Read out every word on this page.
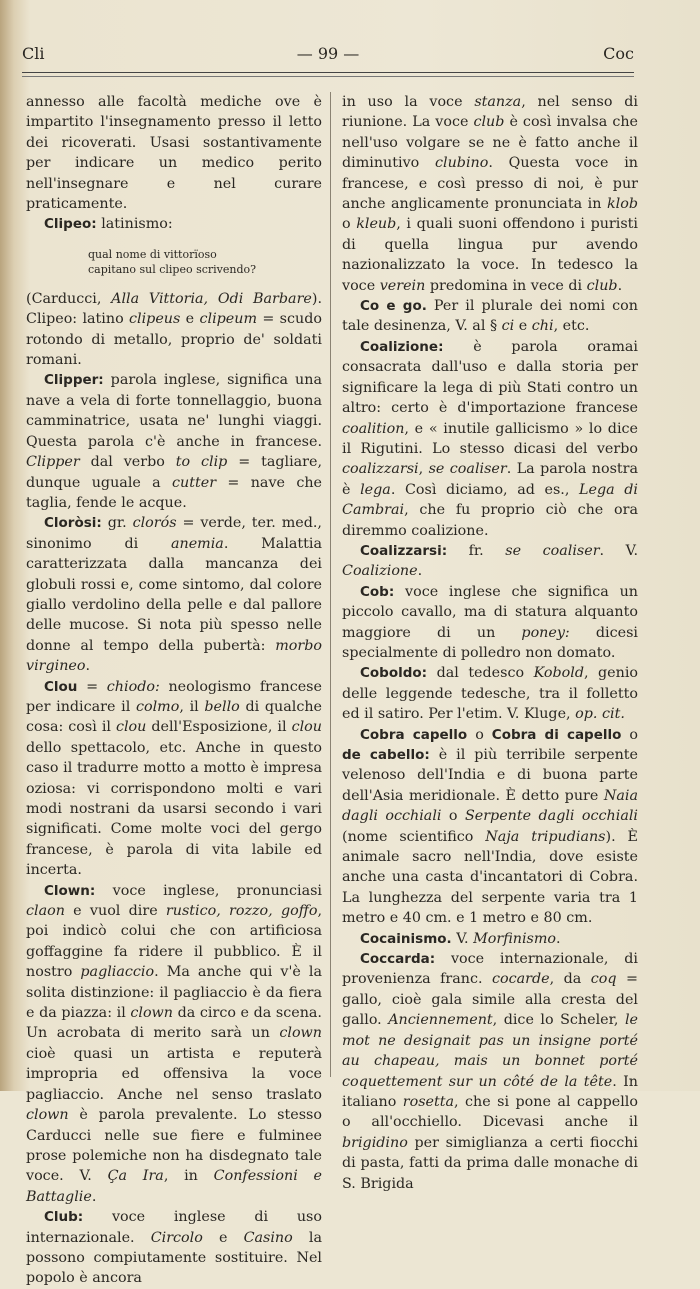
Cli	— 99 —	Coc

annesso alle facoltà mediche ove è impartito l'insegnamento presso il letto dei ricoverati. Usasi sostantivamente per indicare un medico perito nell'insegnare e nel curare praticamente.

Clipeo: latinismo:

qual nome di vittorïoso
capitano sul clipeo scrivendo?

(Carducci, Alla Vittoria, Odi Barbare). Clipeo: latino clipeus e clipeum = scudo rotondo di metallo, proprio de' soldati romani.

Clipper: parola inglese, significa una nave a vela di forte tonnellaggio, buona camminatrice, usata ne' lunghi viaggi. Questa parola c'è anche in francese. Clipper dal verbo to clip = tagliare, dunque uguale a cutter = nave che taglia, fende le acque.

Cloròsi: gr. clorós = verde, ter. med., sinonimo di anemia. Malattia caratterizzata dalla mancanza dei globuli rossi e, come sintomo, dal colore giallo verdolino della pelle e dal pallore delle mucose. Si nota più spesso nelle donne al tempo della pubertà: morbo virgineo.

Clou = chiodo: neologismo francese per indicare il colmo, il bello di qualche cosa: così il clou dell'Esposizione, il clou dello spettacolo, etc. Anche in questo caso il tradurre motto a motto è impresa oziosa: vi corrispondono molti e vari modi nostrani da usarsi secondo i vari significati. Come molte voci del gergo francese, è parola di vita labile ed incerta.

Clown: voce inglese, pronunciasi claon e vuol dire rustico, rozzo, goffo, poi indicò colui che con artificiosa goffaggine fa ridere il pubblico. È il nostro pagliaccio. Ma anche qui v'è la solita distinzione: il pagliaccio è da fiera e da piazza: il clown da circo e da scena. Un acrobata di merito sarà un clown cioè quasi un artista e reputerà impropria ed offensiva la voce pagliaccio. Anche nel senso traslato clown è parola prevalente. Lo stesso Carducci nelle sue fiere e fulminee prose polemiche non ha disdegnato tale voce. V. Ça Ira, in Confessioni e Battaglie.

Club: voce inglese di uso internazionale. Circolo e Casino la possono compiutamente sostituire. Nel popolo è ancora

in uso la voce stanza, nel senso di riunione. La voce club è così invalsa che nell'uso volgare se ne è fatto anche il diminutivo clubino. Questa voce in francese, e così presso di noi, è pur anche anglicamente pronunciata in klob o kleub, i quali suoni offendono i puristi di quella lingua pur avendo nazionalizzato la voce. In tedesco la voce verein predomina in vece di club.

Co e go. Per il plurale dei nomi con tale desinenza, V. al § ci e chi, etc.

Coalizione: è parola oramai consacrata dall'uso e dalla storia per significare la lega di più Stati contro un altro: certo è d'importazione francese coalition, e « inutile gallicismo » lo dice il Rigutini. Lo stesso dicasi del verbo coalizzarsi, se coaliser. La parola nostra è lega. Così diciamo, ad es., Lega di Cambrai, che fu proprio ciò che ora diremmo coalizione.

Coalizzarsi: fr. se coaliser. V. Coalizione.

Cob: voce inglese che significa un piccolo cavallo, ma di statura alquanto maggiore di un poney: dicesi specialmente di polledro non domato.

Coboldo: dal tedesco Kobold, genio delle leggende tedesche, tra il folletto ed il satiro. Per l'etim. V. Kluge, op. cit.

Cobra capello o Cobra di capello o de cabello: è il più terribile serpente velenoso dell'India e di buona parte dell'Asia meridionale. È detto pure Naia dagli occhiali o Serpente dagli occhiali (nome scientifico Naja tripudians). È animale sacro nell'India, dove esiste anche una casta d'incantatori di Cobra. La lunghezza del serpente varia tra 1 metro e 40 cm. e 1 metro e 80 cm.

Cocainismo. V. Morfinismo.

Coccarda: voce internazionale, di provenienza franc. cocarde, da coq = gallo, cioè gala simile alla cresta del gallo. Anciennement, dice lo Scheler, le mot ne designait pas un insigne porté au chapeau, mais un bonnet porté coquettement sur un côté de la tête. In italiano rosetta, che si pone al cappello o all'occhiello. Dicevasi anche il brigidino per simiglianza a certi fiocchi di pasta, fatti da prima dalle monache di S. Brigida
